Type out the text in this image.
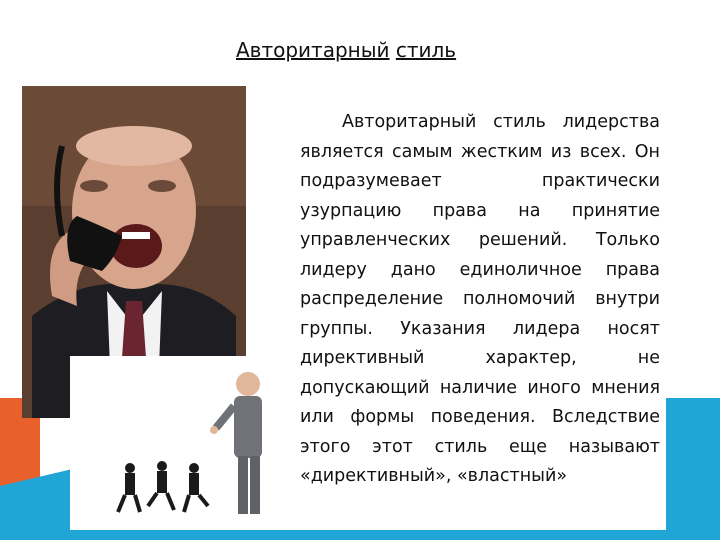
Авторитарный стиль
Авторитарный стиль лидерства является самым жестким из всех. Он подразумевает практически узурпацию права на принятие управленческих решений. Только лидеру дано единоличное права распределение полномочий внутри группы. Указания лидера носят директивный характер, не допускающий наличие иного мнения или формы поведения. Вследствие этого этот стиль еще называют «директивный», «властный»
РУДН 2012г.
